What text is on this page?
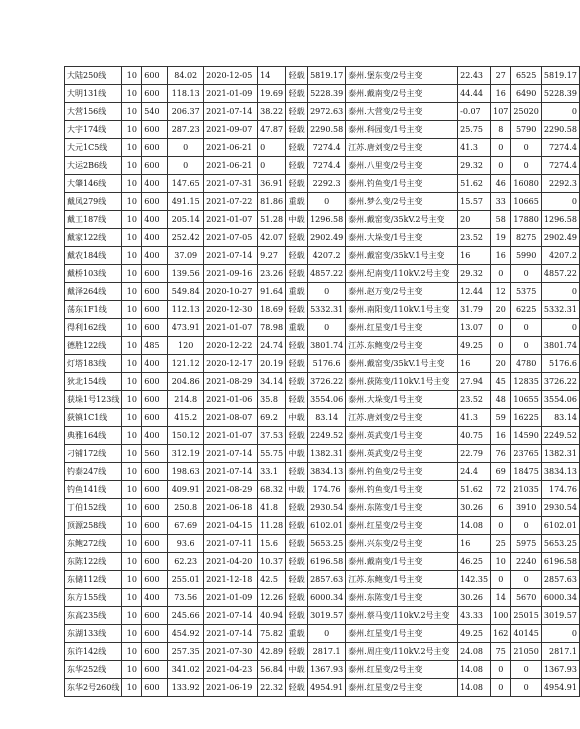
大陆250线	10	600	84.02	2020-12-05	14	轻载	5819.17	泰州.堡东变/2号主变	22.43	27	6525	5819.17
大明131线	10	600	118.13	2021-01-09	19.69	轻载	5228.39	泰州.戴南变/2号主变	44.44	16	6490	5228.39
大营156线	10	540	206.37	2021-07-14	38.22	轻载	2972.63	泰州.大营变/2号主变	-0.07	107	25020	0
大宇174线	10	600	287.23	2021-09-07	47.87	轻载	2290.58	泰州.科园变/1号主变	25.75	8	5790	2290.58
大元1C5线	10	600	0	2021-06-21	0	轻载	7274.4	江苏.唐刘变/2号主变	41.3	0	0	7274.4
大运2B6线	10	600	0	2021-06-21	0	轻载	7274.4	泰州.八里变/2号主变	29.32	0	0	7274.4
大肇146线	10	400	147.65	2021-07-31	36.91	轻载	2292.3	泰州.钓鱼变/1号主变	51.62	46	16080	2292.3
戴凤279线	10	600	491.15	2021-07-22	81.86	重载	0	泰州.梦么变/2号主变	15.57	33	10665	0
戴工187线	10	400	205.14	2021-01-07	51.28	中载	1296.58	泰州.戴窑变/35kV.2号主变	20	58	17880	1296.58
戴家122线	10	400	252.42	2021-07-05	42.07	轻载	2902.49	泰州.大垛变/1号主变	23.52	19	8275	2902.49
戴农184线	10	400	37.09	2021-07-14	9.27	轻载	4207.2	泰州.戴窑变/35kV.1号主变	16	16	5990	4207.2
戴桥103线	10	600	139.56	2021-09-16	23.26	轻载	4857.22	泰州.纪南变/110kV.2号主变	29.32	0	0	4857.22
戴泽264线	10	600	549.84	2020-10-27	91.64	重载	0	泰州.赵万变/2号主变	12.44	12	5375	0
荡东1F1线	10	600	112.13	2020-12-30	18.69	轻载	5332.31	泰州.南阳变/110kV.1号主变	31.79	20	6225	5332.31
得利162线	10	600	473.91	2021-01-07	78.98	重载	0	泰州.红星变/1号主变	13.07	0	0	0
德胜122线	10	485	120	2020-12-22	24.74	轻载	3801.74	江苏.东鲍变/2号主变	49.25	0	0	3801.74
灯塔183线	10	400	121.12	2020-12-17	20.19	轻载	5176.6	泰州.戴窑变/35kV.1号主变	16	20	4780	5176.6
狄北154线	10	600	204.86	2021-08-29	34.14	轻载	3726.22	泰州.荻陈变/110kV.1号主变	27.94	45	12835	3726.22
获垛1号123线	10	600	214.8	2021-01-06	35.8	轻载	3554.06	泰州.大垛变/1号主变	23.52	48	10655	3554.06
荻镇1C1线	10	600	415.2	2021-08-07	69.2	中载	83.14	江苏.唐刘变/2号主变	41.3	59	16225	83.14
典雅164线	10	400	150.12	2021-01-07	37.53	轻载	2249.52	泰州.英武变/1号主变	40.75	16	14590	2249.52
刁铺172线	10	560	312.19	2021-07-14	55.75	中载	1382.31	泰州.英武变/2号主变	22.79	76	23765	1382.31
钓泰247线	10	600	198.63	2021-07-14	33.1	轻载	3834.13	泰州.钓鱼变/2号主变	24.4	69	18475	3834.13
钓鱼141线	10	600	409.91	2021-08-29	68.32	中载	174.76	泰州.钓鱼变/1号主变	51.62	72	21035	174.76
丁伯152线	10	600	250.8	2021-06-18	41.8	轻载	2930.54	泰州.东陈变/1号主变	30.26	6	3910	2930.54
顶源258线	10	600	67.69	2021-04-15	11.28	轻载	6102.01	泰州.红星变/2号主变	14.08	0	0	6102.01
东鲍272线	10	600	93.6	2021-07-11	15.6	轻载	5653.25	泰州.兴东变/2号主变	16	25	5975	5653.25
东陈122线	10	600	62.23	2021-04-20	10.37	轻载	6196.58	泰州.戴南变/1号主变	46.25	10	2240	6196.58
东储112线	10	600	255.01	2021-12-18	42.5	轻载	2857.63	江苏.东鲍变/1号主变	142.35	0	0	2857.63
东方155线	10	400	73.56	2021-01-09	12.26	轻载	6000.34	泰州.东陈变/1号主变	30.26	14	5670	6000.34
东高235线	10	600	245.66	2021-07-14	40.94	轻载	3019.57	泰州.蔡马变/110kV.2号主变	43.33	100	25015	3019.57
东湖133线	10	600	454.92	2021-07-14	75.82	重载	0	泰州.红星变/1号主变	49.25	162	40145	0
东许142线	10	600	257.35	2021-07-30	42.89	轻载	2817.1	泰州.周庄变/110kV.2号主变	24.08	75	21050	2817.1
东华252线	10	600	341.02	2021-04-23	56.84	中载	1367.93	泰州.红星变/2号主变	14.08	0	0	1367.93
东华2号260线	10	600	133.92	2021-06-19	22.32	轻载	4954.91	泰州.红星变/2号主变	14.08	0	0	4954.91
